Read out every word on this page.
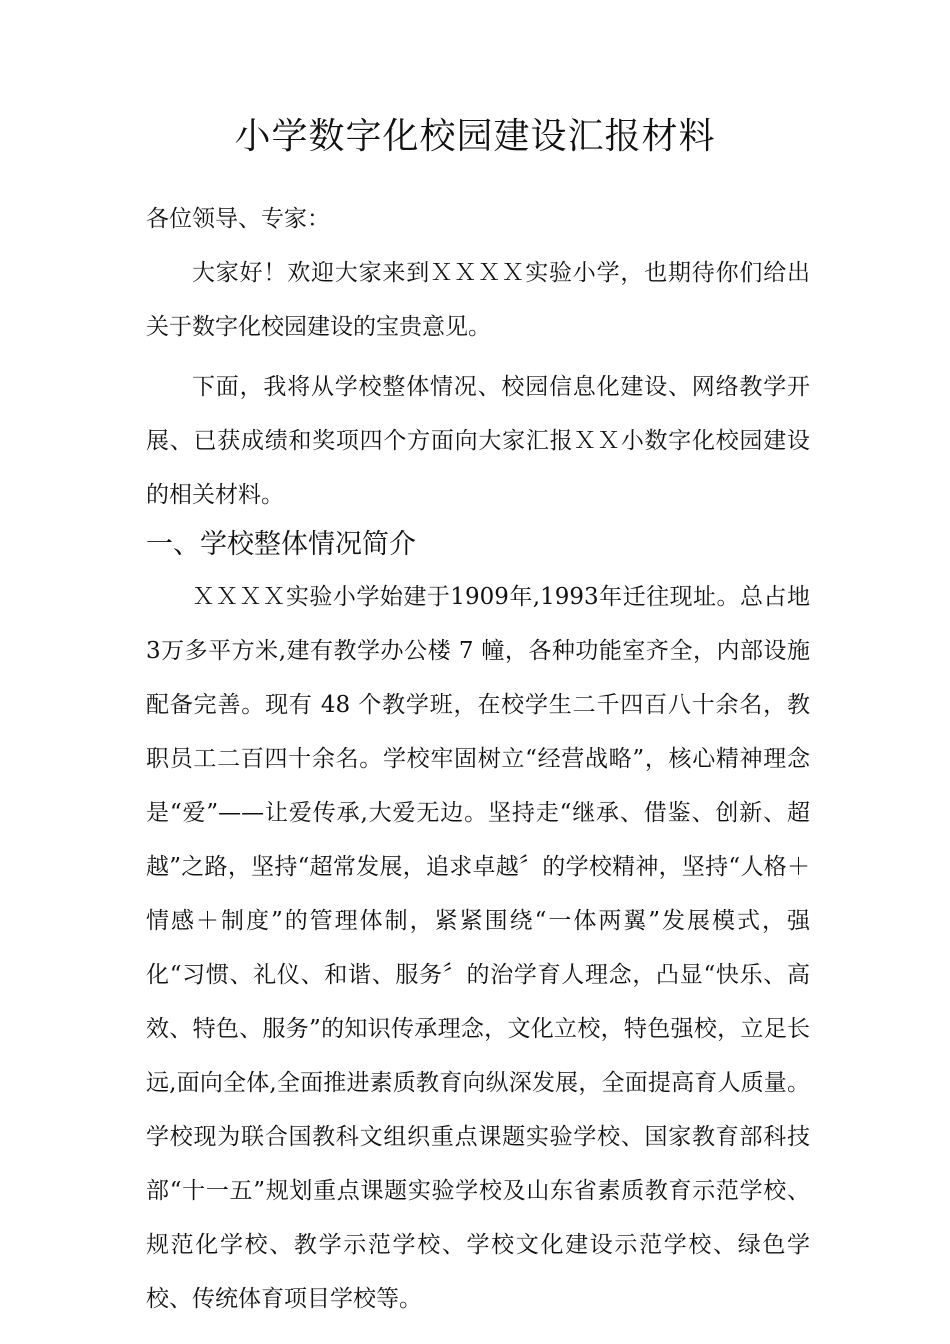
小学数字化校园建设汇报材料

各位领导、专家：

大家好！欢迎大家来到ＸＸＸＸ实验小学，也期待你们给出关于数字化校园建设的宝贵意见。

下面，我将从学校整体情况、校园信息化建设、网络教学开展、已获成绩和奖项四个方面向大家汇报ＸＸ小数字化校园建设的相关材料。

一、学校整体情况简介

ＸＸＸＸ实验小学始建于1909年,1993年迁往现址。总占地3万多平方米,建有教学办公楼 7 幢，各种功能室齐全，内部设施配备完善。现有 48 个教学班，在校学生二千四百八十余名，教职员工二百四十余名。学校牢固树立“经营战略”，核心精神理念是“爱”——让爱传承,大爱无边。坚持走“继承、借鉴、创新、超越”之路，坚持“超常发展，追求卓越〞的学校精神，坚持“人格＋情感＋制度”的管理体制，紧紧围绕“一体两翼”发展模式，强化“习惯、礼仪、和谐、服务〞的治学育人理念，凸显“快乐、高效、特色、服务”的知识传承理念，文化立校，特色强校，立足长远,面向全体,全面推进素质教育向纵深发展，全面提高育人质量。学校现为联合国教科文组织重点课题实验学校、国家教育部科技部“十一五”规划重点课题实验学校及山东省素质教育示范学校、规范化学校、教学示范学校、学校文化建设示范学校、绿色学校、传统体育项目学校等。
